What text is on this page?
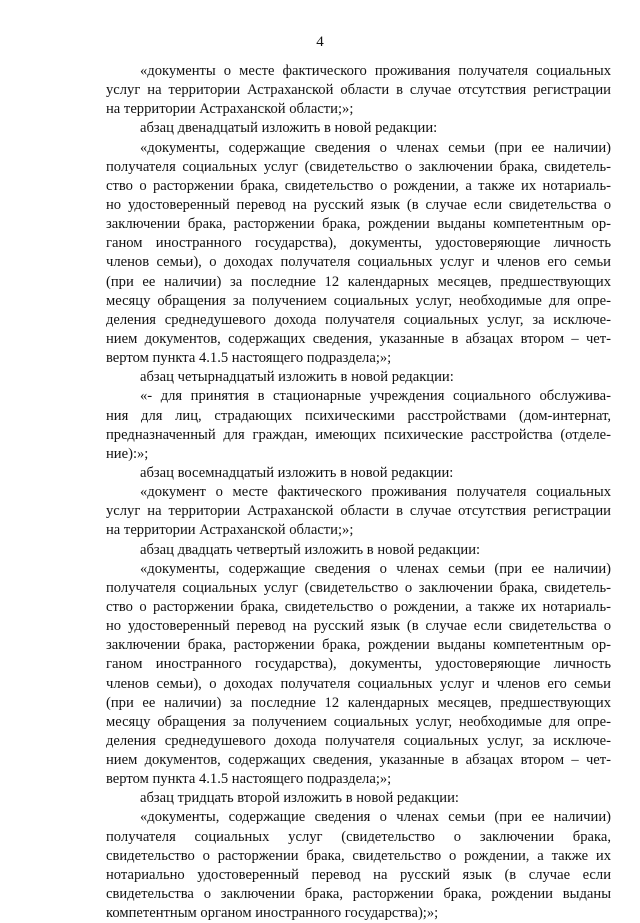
4
«документы о месте фактического проживания получателя социальных
услуг на территории Астраханской области в случае отсутствия регистрации
на территории Астраханской области;»;
абзац двенадцатый изложить в новой редакции:
«документы, содержащие сведения о членах семьи (при ее наличии)
получателя социальных услуг (свидетельство о заключении брака, свидетель-
ство о расторжении брака, свидетельство о рождении, а также их нотариаль-
но удостоверенный перевод на русский язык (в случае если свидетельства о
заключении брака, расторжении брака, рождении выданы компетентным ор-
ганом иностранного государства), документы, удостоверяющие личность
членов семьи), о доходах получателя социальных услуг и членов его семьи
(при ее наличии) за последние 12 календарных месяцев, предшествующих
месяцу обращения за получением социальных услуг, необходимые для опре-
деления среднедушевого дохода получателя социальных услуг, за исключе-
нием документов, содержащих сведения, указанные в абзацах втором – чет-
вертом пункта 4.1.5 настоящего подраздела;»;
абзац четырнадцатый изложить в новой редакции:
«- для принятия в стационарные учреждения социального обслужива-
ния для лиц, страдающих психическими расстройствами (дом-интернат,
предназначенный для граждан, имеющих психические расстройства (отделе-
ние):»;
абзац восемнадцатый изложить в новой редакции:
«документ о месте фактического проживания получателя социальных
услуг на территории Астраханской области в случае отсутствия регистрации
на территории Астраханской области;»;
абзац двадцать четвертый изложить в новой редакции:
«документы, содержащие сведения о членах семьи (при ее наличии)
получателя социальных услуг (свидетельство о заключении брака, свидетель-
ство о расторжении брака, свидетельство о рождении, а также их нотариаль-
но удостоверенный перевод на русский язык (в случае если свидетельства о
заключении брака, расторжении брака, рождении выданы компетентным ор-
ганом иностранного государства), документы, удостоверяющие личность
членов семьи), о доходах получателя социальных услуг и членов его семьи
(при ее наличии) за последние 12 календарных месяцев, предшествующих
месяцу обращения за получением социальных услуг, необходимые для опре-
деления среднедушевого дохода получателя социальных услуг, за исключе-
нием документов, содержащих сведения, указанные в абзацах втором – чет-
вертом пункта 4.1.5 настоящего подраздела;»;
абзац тридцать второй изложить в новой редакции:
«документы, содержащие сведения о членах семьи (при ее наличии)
получателя социальных услуг (свидетельство о заключении брака,
свидетельство о расторжении брака, свидетельство о рождении, а также их
нотариально удостоверенный перевод на русский язык (в случае если
свидетельства о заключении брака, расторжении брака, рождении выданы
компетентным органом иностранного государства);»;
